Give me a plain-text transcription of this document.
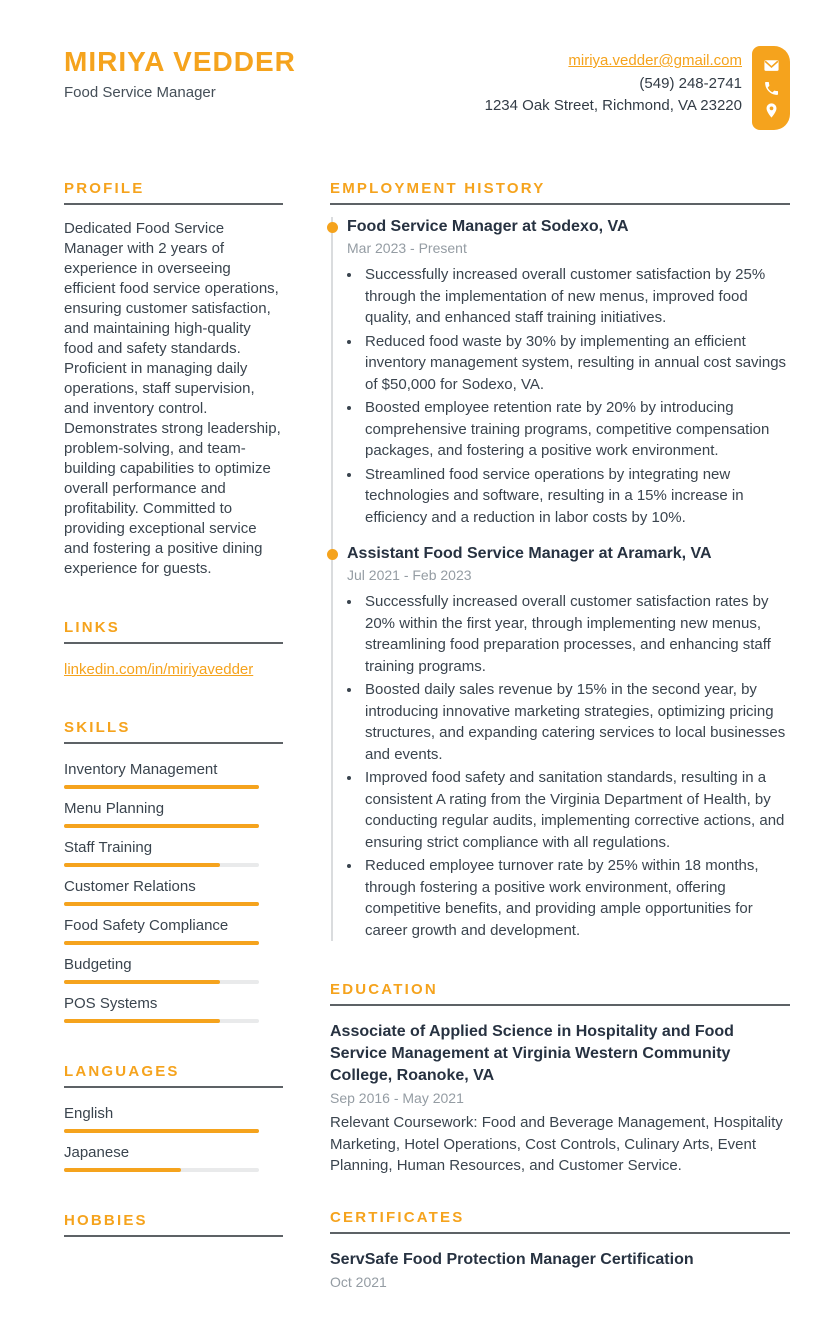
MIRIYA VEDDER
Food Service Manager
miriya.vedder@gmail.com
(549) 248-2741
1234 Oak Street, Richmond, VA 23220
PROFILE

Dedicated Food Service Manager with 2 years of experience in overseeing efficient food service operations, ensuring customer satisfaction, and maintaining high-quality food and safety standards. Proficient in managing daily operations, staff supervision, and inventory control. Demonstrates strong leadership, problem-solving, and team-building capabilities to optimize overall performance and profitability. Committed to providing exceptional service and fostering a positive dining experience for guests.

LINKS
linkedin.com/in/miriyavedder
SKILLS
Inventory Management
Menu Planning
Staff Training
Customer Relations
Food Safety Compliance
Budgeting
POS Systems
LANGUAGES
English
Japanese
HOBBIES
EMPLOYMENT HISTORY
Food Service Manager at Sodexo, VA
Mar 2023 - Present
• Successfully increased overall customer satisfaction by 25% through the implementation of new menus, improved food quality, and enhanced staff training initiatives.
• Reduced food waste by 30% by implementing an efficient inventory management system, resulting in annual cost savings of $50,000 for Sodexo, VA.
• Boosted employee retention rate by 20% by introducing comprehensive training programs, competitive compensation packages, and fostering a positive work environment.
• Streamlined food service operations by integrating new technologies and software, resulting in a 15% increase in efficiency and a reduction in labor costs by 10%.
Assistant Food Service Manager at Aramark, VA
Jul 2021 - Feb 2023
• Successfully increased overall customer satisfaction rates by 20% within the first year, through implementing new menus, streamlining food preparation processes, and enhancing staff training programs.
• Boosted daily sales revenue by 15% in the second year, by introducing innovative marketing strategies, optimizing pricing structures, and expanding catering services to local businesses and events.
• Improved food safety and sanitation standards, resulting in a consistent A rating from the Virginia Department of Health, by conducting regular audits, implementing corrective actions, and ensuring strict compliance with all regulations.
• Reduced employee turnover rate by 25% within 18 months, through fostering a positive work environment, offering competitive benefits, and providing ample opportunities for career growth and development.
EDUCATION
Associate of Applied Science in Hospitality and Food Service Management at Virginia Western Community College, Roanoke, VA
Sep 2016 - May 2021

Relevant Coursework: Food and Beverage Management, Hospitality Marketing, Hotel Operations, Cost Controls, Culinary Arts, Event Planning, Human Resources, and Customer Service.

CERTIFICATES
ServSafe Food Protection Manager Certification
Oct 2021
